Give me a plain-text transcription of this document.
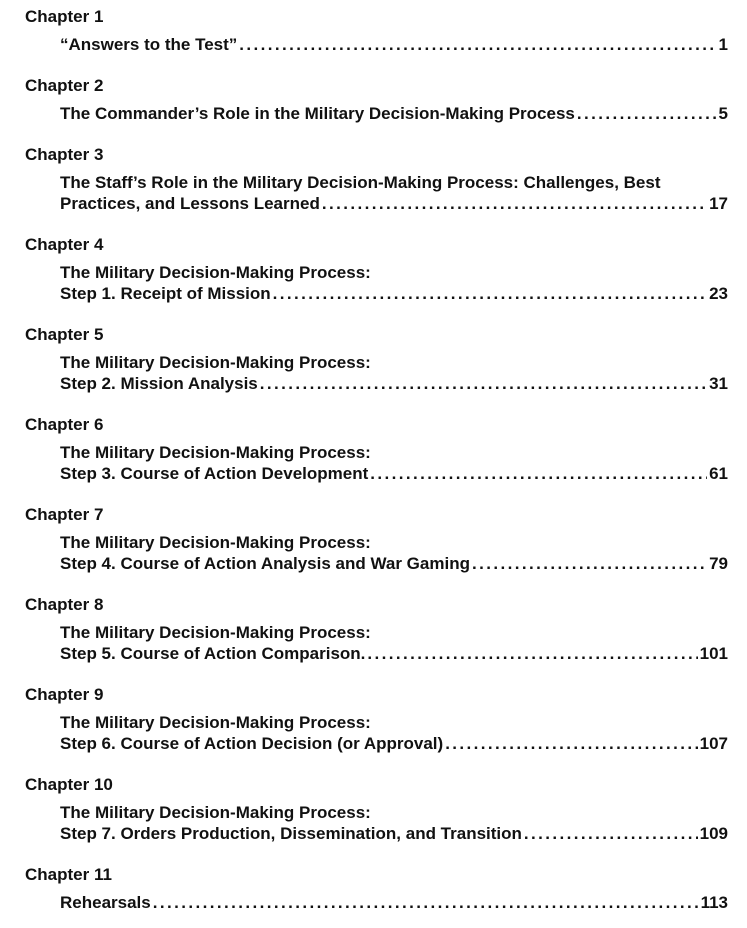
Chapter 1
“Answers to the Test” .....	1
Chapter 2
The Commander’s Role in the Military Decision-Making Process .....	5
Chapter 3
The Staff’s Role in the Military Decision-Making Process: Challenges, Best
Practices, and Lessons Learned .....	17
Chapter 4
The Military Decision-Making Process:
Step 1. Receipt of Mission .....	23
Chapter 5
The Military Decision-Making Process:
Step 2. Mission Analysis .....	31
Chapter 6
The Military Decision-Making Process:
Step 3. Course of Action Development .....	61
Chapter 7
The Military Decision-Making Process:
Step 4. Course of Action Analysis and War Gaming .....	79
Chapter 8
The Military Decision-Making Process:
Step 5. Course of Action Comparison. .....	101
Chapter 9
The Military Decision-Making Process:
Step 6. Course of Action Decision (or Approval) .....	107
Chapter 10
The Military Decision-Making Process:
Step 7. Orders Production, Dissemination, and Transition .....	109
Chapter 11
Rehearsals .....	113
